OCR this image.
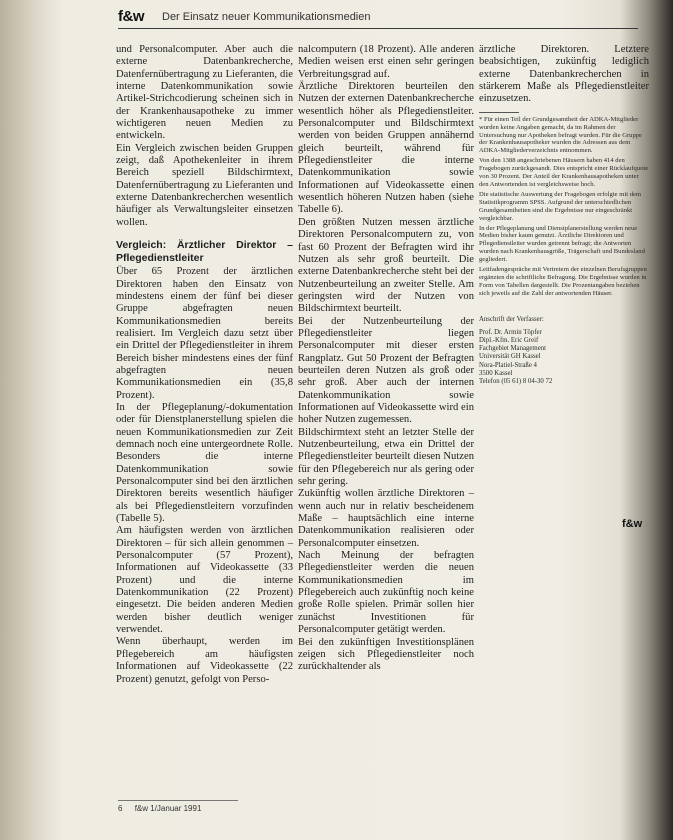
f&w Der Einsatz neuer Kommunikationsmedien

und Personalcomputer. Aber auch die externe Datenbankrecherche, Datenfernübertragung zu Lieferanten, die interne Datenkommunikation sowie Artikel-Strichcodierung scheinen sich in der Krankenhausapotheke zu immer wichtigeren neuen Medien zu entwickeln.

Ein Vergleich zwischen beiden Gruppen zeigt, daß Apothekenleiter in ihrem Bereich speziell Bildschirmtext, Datenfernübertragung zu Lieferanten und externe Datenbankrecherchen wesentlich häufiger als Verwaltungsleiter einsetzen wollen.

Vergleich: Ärztlicher Direktor – Pflegedienstleiter

Über 65 Prozent der ärztlichen Direktoren haben den Einsatz von mindestens einem der fünf bei dieser Gruppe abgefragten neuen Kommunikationsmedien bereits realisiert. Im Vergleich dazu setzt über ein Drittel der Pflegedienstleiter in ihrem Bereich bisher mindestens eines der fünf abgefragten neuen Kommunikationsmedien ein (35,8 Prozent).

In der Pflegeplanung/-dokumentation oder für Dienstplanerstellung spielen die neuen Kommunikationsmedien zur Zeit demnach noch eine untergeordnete Rolle. Besonders die interne Datenkommunikation sowie Personalcomputer sind bei den ärztlichen Direktoren bereits wesentlich häufiger als bei Pflegedienstleitern vorzufinden (Tabelle 5).

Am häufigsten werden von ärztlichen Direktoren – für sich allein genommen – Personalcomputer (57 Prozent), Informationen auf Videokassette (33 Prozent) und die interne Datenkommunikation (22 Prozent) eingesetzt. Die beiden anderen Medien werden bisher deutlich weniger verwendet.

Wenn überhaupt, werden im Pflegebereich am häufigsten Informationen auf Videokassette (22 Prozent) genutzt, gefolgt von Perso-

nalcomputern (18 Prozent). Alle anderen Medien weisen erst einen sehr geringen Verbreitungsgrad auf.

Ärztliche Direktoren beurteilen den Nutzen der externen Datenbankrecherche wesentlich höher als Pflegedienstleiter. Personalcomputer und Bildschirmtext werden von beiden Gruppen annähernd gleich beurteilt, während für Pflegedienstleiter die interne Datenkommunikation sowie Informationen auf Videokassette einen wesentlich höheren Nutzen haben (siehe Tabelle 6).

Den größten Nutzen messen ärztliche Direktoren Personalcomputern zu, von fast 60 Prozent der Befragten wird ihr Nutzen als sehr groß beurteilt. Die externe Datenbankrecherche steht bei der Nutzenbeurteilung an zweiter Stelle. Am geringsten wird der Nutzen von Bildschirmtext beurteilt.

Bei der Nutzenbeurteilung der Pflegedienstleiter liegen Personalcomputer mit dieser ersten Rangplatz. Gut 50 Prozent der Befragten beurteilen deren Nutzen als groß oder sehr groß. Aber auch der internen Datenkommunikation sowie Informationen auf Videokassette wird ein hoher Nutzen zugemessen.

Bildschirmtext steht an letzter Stelle der Nutzenbeurteilung, etwa ein Drittel der Pflegedienstleiter beurteilt diesen Nutzen für den Pflegebereich nur als gering oder sehr gering.

Zukünftig wollen ärztliche Direktoren – wenn auch nur in relativ bescheidenem Maße – hauptsächlich eine interne Datenkommunikation realisieren oder Personalcomputer einsetzen.

Nach Meinung der befragten Pflegedienstleiter werden die neuen Kommunikationsmedien im Pflegebereich auch zukünftig noch keine große Rolle spielen. Primär sollen hier zunächst Investitionen für Personalcomputer getätigt werden.

Bei den zukünftigen Investitionsplänen zeigen sich Pflegedienstleiter noch zurückhaltender als

ärztliche Direktoren. Letztere beabsichtigen, zukünftig lediglich externe Datenbankrecherchen in stärkerem Maße als Pflegedienstleiter einzusetzen.

* Für einen Teil der Grundgesamtheit der ADKA-Mitglieder wurden keine Angaben gemacht, da im Rahmen der Untersuchung nur Apotheken befragt wurden. Für die Gruppe der Krankenhausapotheker wurden die Adressen aus dem ADKA-Mitgliederverzeichnis entnommen.

Von den 1388 angeschriebenen Häusern haben 414 den Fragebogen zurückgesandt. Dies entspricht einer Rücklaufquote von 30 Prozent. Der Anteil der Krankenhausapotheken unter den Antwortenden ist vergleichsweise hoch.

Die statistische Auswertung der Fragebogen erfolgte mit dem Statistikprogramm SPSS. Aufgrund der unterschiedlichen Grundgesamtheiten sind die Ergebnisse nur eingeschränkt vergleichbar.

In der Pflegeplanung und Dienstplanerstellung werden neue Medien bisher kaum genutzt. Ärztliche Direktoren und Pflegedienstleiter wurden getrennt befragt; die Antworten wurden nach Krankenhausgröße, Trägerschaft und Bundesland gegliedert.

Leitfadengespräche mit Vertretern der einzelnen Berufsgruppen ergänzten die schriftliche Befragung. Die Ergebnisse wurden in Form von Tabellen dargestellt. Die Prozentangaben beziehen sich jeweils auf die Zahl der antwortenden Häuser.

Anschrift der Verfasser:
Prof. Dr. Armin Töpfer
Dipl.-Kfm. Eric Greif
Fachgebiet Management
Universität GH Kassel
Nora-Platiel-Straße 4
3500 Kassel
Telefon (05 61) 8 04-30 72
f&w
6 f&w 1/Januar 1991
